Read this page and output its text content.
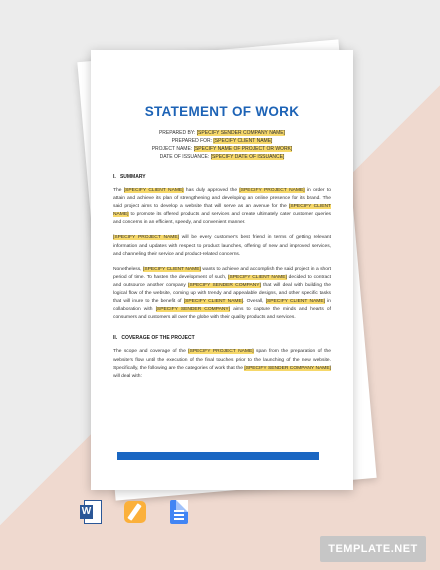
STATEMENT OF WORK
PREPARED BY: [SPECIFY SENDER COMPANY NAME]
PREPARED FOR: [SPECIFY CLIENT NAME]
PROJECT NAME: [SPECIFY NAME OF PROJECT OR WORK]
DATE OF ISSUANCE: [SPECIFY DATE OF ISSUANCE]
I.   SUMMARY

The [SPECIFY CLIENT NAME] has duly approved the [SPECIFY PROJECT NAME] in order to attain and achieve its plan of strengthening and developing an online presence for its brand. The said project aims to develop a website that will serve as an avenue for the [SPECIFY CLIENT NAME] to promote its offered products and services and create ultimately cater customer queries and concerns in an efficient, speedy, and convenient manner.

[SPECIFY PROJECT NAME] will be every customer's best friend in terms of getting relevant information and updates with respect to product launches, offering of new and improved services, and channeling their service and product-related concerns.

Nonetheless, [SPECIFY CLIENT NAME] wants to achieve and accomplish the said project in a short period of time. To hasten the development of such, [SPECIFY CLIENT NAME] decided to contract and outsource another company [SPECIFY SENDER COMPANY] that will deal with building the logical flow of the website, coming up with trendy and appealable designs, and other specific tasks that will inure to the benefit of [SPECIFY CLIENT NAME]. Overall, [SPECIFY CLIENT NAME] in collaboration with [SPECIFY SENDER COMPANY] aims to capture the minds and hearts of consumers and customers all over the globe with their quality products and services.

II.   COVERAGE OF THE PROJECT

The scope and coverage of the [SPECIFY PROJECT NAME] span from the preparation of the website's flow until the execution of the final touches prior to the launching of the new website. Specifically, the following are the categories of work that the [SPECIFY SENDER COMPANY NAME] will deal with:

W
TEMPLATE.NET
